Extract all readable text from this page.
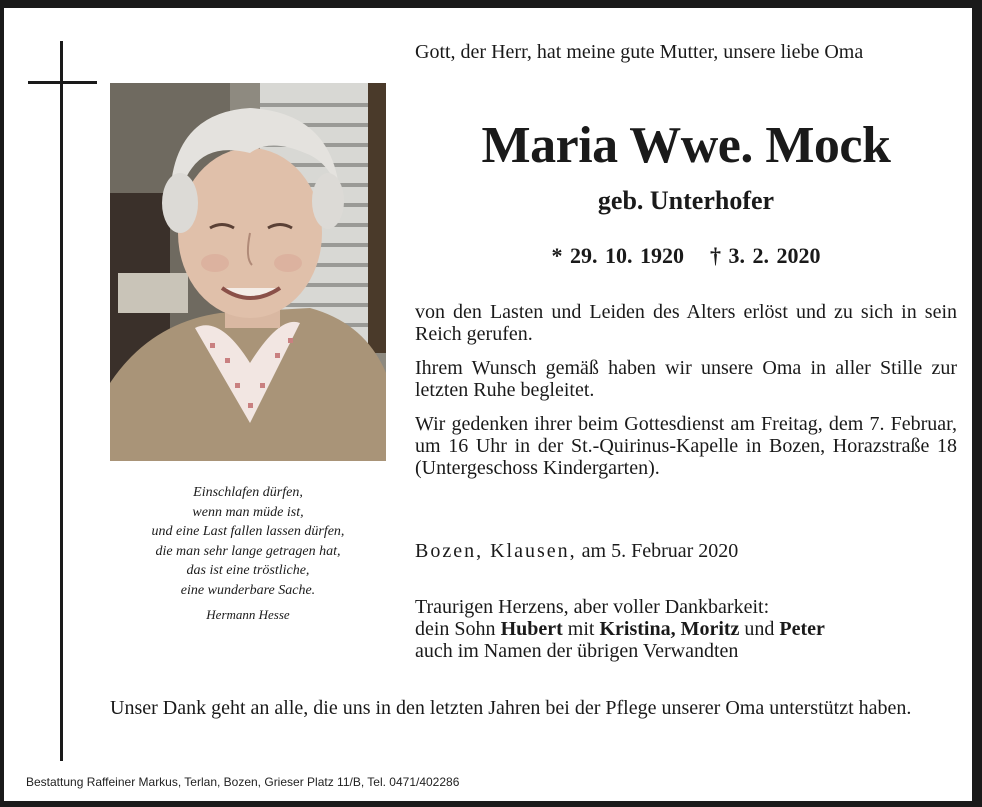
Einschlafen dürfen,
wenn man müde ist,
und eine Last fallen lassen dürfen,
die man sehr lange getragen hat,
das ist eine tröstliche,
eine wunderbare Sache.
Hermann Hesse

Gott, der Herr, hat meine gute Mutter, unsere liebe Oma

Maria Wwe. Mock
geb. Unterhofer
* 29. 10. 1920 † 3. 2. 2020

von den Lasten und Leiden des Alters erlöst und zu sich in sein Reich gerufen.

Ihrem Wunsch gemäß haben wir unsere Oma in aller Stille zur letzten Ruhe begleitet.

Wir gedenken ihrer beim Gottesdienst am Freitag, dem 7. Februar, um 16 Uhr in der St.-Quirinus-Kapelle in Bozen, Horazstraße 18 (Untergeschoss Kindergarten).

Bozen, Klausen, am 5. Februar 2020
Traurigen Herzens, aber voller Dankbarkeit:
dein Sohn Hubert mit Kristina, Moritz und Peter
auch im Namen der übrigen Verwandten
Unser Dank geht an alle, die uns in den letzten Jahren bei der Pflege unserer Oma unterstützt haben.
Bestattung Raffeiner Markus, Terlan, Bozen, Grieser Platz 11/B, Tel. 0471/402286
